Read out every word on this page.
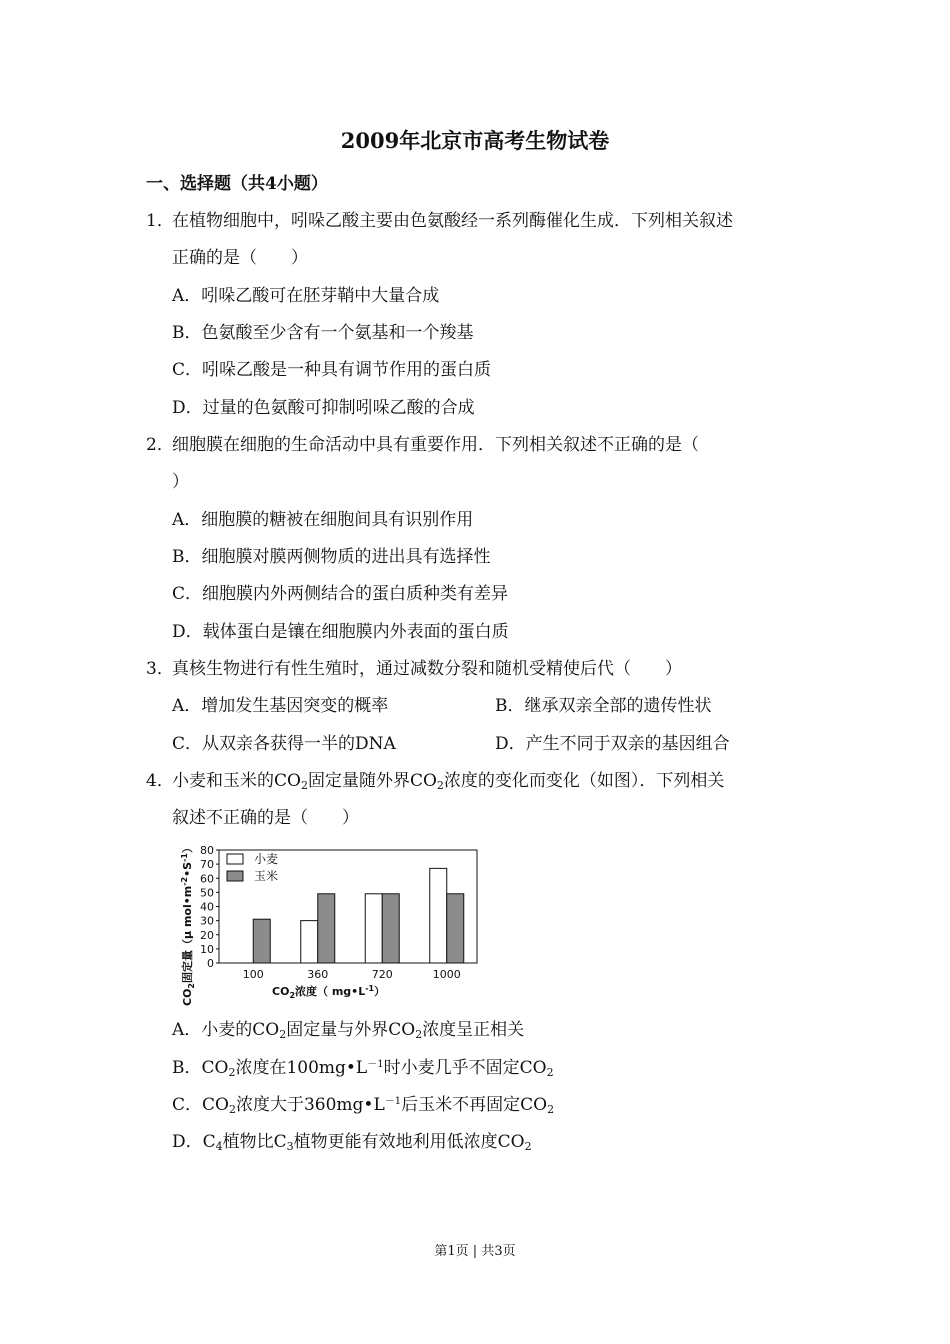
2009年北京市高考生物试卷
一、选择题（共4小题）
1．
在植物细胞中，吲哚乙酸主要由色氨酸经一系列酶催化生成．下列相关叙述
正确的是（　　）
A．吲哚乙酸可在胚芽鞘中大量合成
B．色氨酸至少含有一个氨基和一个羧基
C．吲哚乙酸是一种具有调节作用的蛋白质
D．过量的色氨酸可抑制吲哚乙酸的合成
2．
细胞膜在细胞的生命活动中具有重要作用．下列相关叙述不正确的是（
）
A．细胞膜的糖被在细胞间具有识别作用
B．细胞膜对膜两侧物质的进出具有选择性
C．细胞膜内外两侧结合的蛋白质种类有差异
D．载体蛋白是镶在细胞膜内外表面的蛋白质
3．
真核生物进行有性生殖时，通过减数分裂和随机受精使后代（　　）
A．增加发生基因突变的概率	B．继承双亲全部的遗传性状
C．从双亲各获得一半的DNA	D．产生不同于双亲的基因组合
4．
小麦和玉米的$CO_2$固定量随外界$CO_2$浓度的变化而变化（如图）．下列相关
叙述不正确的是（　　）
0
10
20
30
40
50
60
70
80
100	360	720	1000
小麦
玉米
$CO_2$固定量（μ $mol•m^{-2}•S^{-1}$）
$CO_2$浓度（ $mg•L^{-1}$）
A．小麦的$CO_2$固定量与外界$CO_2$浓度呈正相关
B．$CO_2$浓度在$100mg•L^{-1}$时小麦几乎不固定$CO_2$
C．$CO_2$浓度大于$360mg•L^{-1}$后玉米不再固定$CO_2$
D．$C_4$植物比$C_3$植物更能有效地利用低浓度$CO_2$
第1页 | 共3页
